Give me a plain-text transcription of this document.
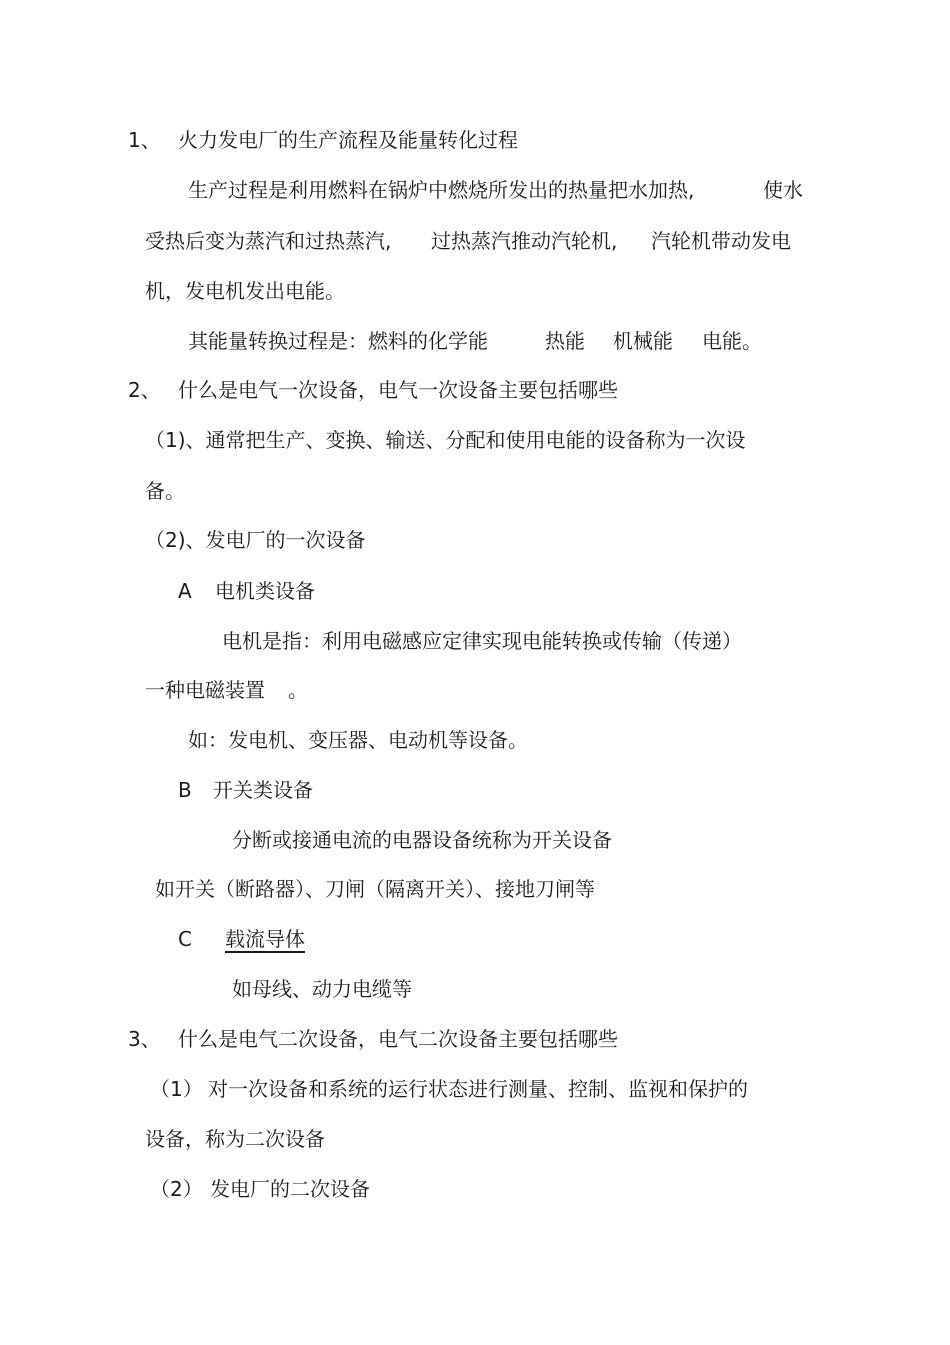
1、 火力发电厂的生产流程及能量转化过程
生产过程是利用燃料在锅炉中燃烧所发出的热量把水加热,	使水
受热后变为蒸汽和过热蒸汽, 过热蒸汽推动汽轮机, 汽轮机带动发电
机，发电机发出电能。
其能量转换过程是：燃料的化学能	热能 机械能 电能。
2、 什么是电气一次设备，电气一次设备主要包括哪些
（1)、通常把生产、变换、输送、分配和使用电能的设备称为一次设
备。
（2)、发电厂的一次设备
A 电机类设备
电机是指：利用电磁感应定律实现电能转换或传输（传递）
一种电磁装置 。
如：发电机、变压器、电动机等设备。
B 开关类设备
分断或接通电流的电器设备统称为开关设备
如开关（断路器）、刀闸（隔离开关）、接地刀闸等
C 载流导体
如母线、动力电缆等
3、 什么是电气二次设备，电气二次设备主要包括哪些
（1） 对一次设备和系统的运行状态进行测量、控制、监视和保护的
设备，称为二次设备
（2） 发电厂的二次设备
